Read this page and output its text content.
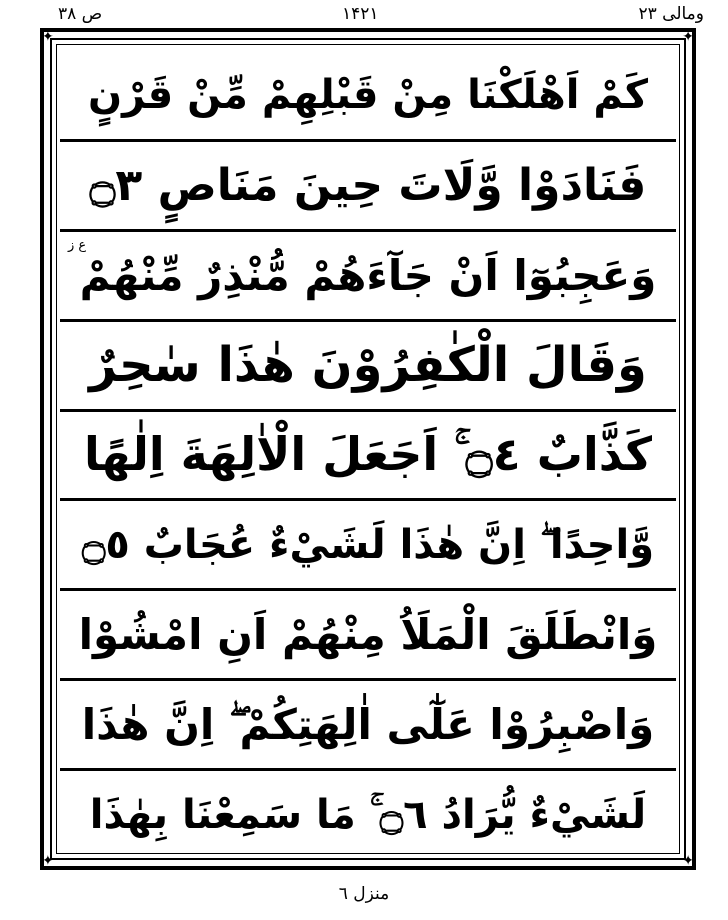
ص ۳۸	۱۴۲۱	ومالی ۲۳
✦	✦
✦	✦
كَمْ اَهْلَكْنَا مِنْ قَبْلِهِمْ مِّنْ قَرْنٍ
فَنَادَوْا وَّلَاتَ حِينَ مَنَاصٍ ۝٣
ع ز
وَعَجِبُوٓا اَنْ جَآءَهُمْ مُّنْذِرٌ مِّنْهُمْ
وَقَالَ الْكٰفِرُوْنَ هٰذَا سٰحِرٌ
كَذَّابٌ ۝٤ ۚ اَجَعَلَ الْاٰلِهَةَ اِلٰهًا
وَّاحِدًا ۖ اِنَّ هٰذَا لَشَيْءٌ عُجَابٌ ۝٥
وَانْطَلَقَ الْمَلَاُ مِنْهُمْ اَنِ امْشُوْا
وَاصْبِرُوْا عَلٰٓى اٰلِهَتِكُمْ ۖ اِنَّ هٰذَا
لَشَيْءٌ يُّرَادُ ۝٦ ۚ مَا سَمِعْنَا بِهٰذَا
منزل ٦
